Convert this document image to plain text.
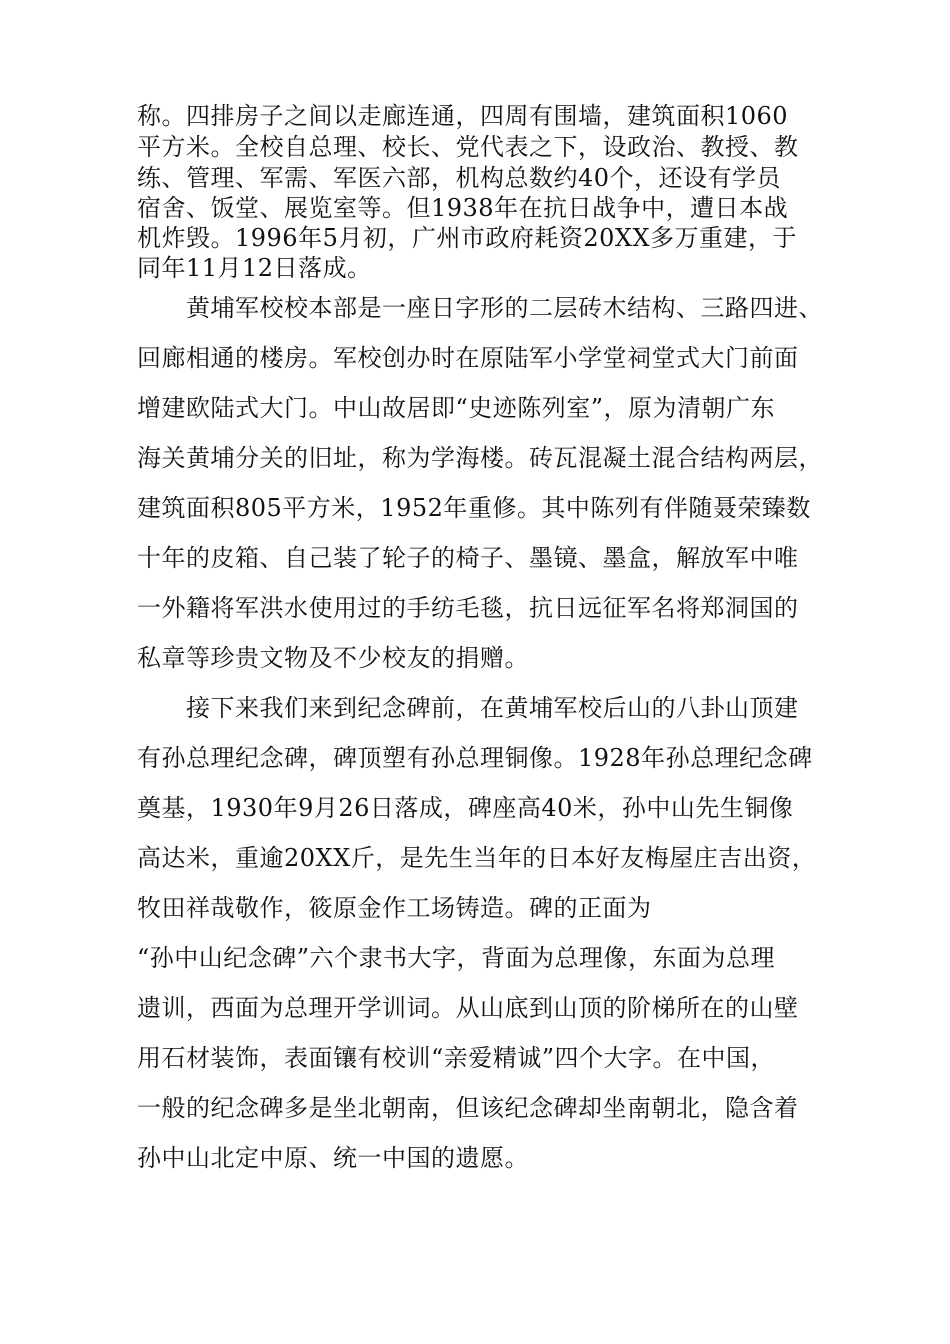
称。四排房子之间以走廊连通，四周有围墙，建筑面积1060

平方米。全校自总理、校长、党代表之下，设政治、教授、教

练、管理、军需、军医六部，机构总数约40个，还设有学员

宿舍、饭堂、展览室等。但1938年在抗日战争中，遭日本战

机炸毁。1996年5月初，广州市政府耗资20XX多万重建，于

同年11月12日落成。

黄埔军校校本部是一座日字形的二层砖木结构、三路四进、

回廊相通的楼房。军校创办时在原陆军小学堂祠堂式大门前面

增建欧陆式大门。中山故居即“史迹陈列室”，原为清朝广东

海关黄埔分关的旧址，称为学海楼。砖瓦混凝土混合结构两层，

建筑面积805平方米，1952年重修。其中陈列有伴随聂荣臻数

十年的皮箱、自己装了轮子的椅子、墨镜、墨盒，解放军中唯

一外籍将军洪水使用过的手纺毛毯，抗日远征军名将郑洞国的

私章等珍贵文物及不少校友的捐赠。

接下来我们来到纪念碑前，在黄埔军校后山的八卦山顶建

有孙总理纪念碑，碑顶塑有孙总理铜像。1928年孙总理纪念碑

奠基，1930年9月26日落成，碑座高40米，孙中山先生铜像

高达米，重逾20XX斤，是先生当年的日本好友梅屋庄吉出资，

牧田祥哉敬作，筱原金作工场铸造。碑的正面为

“孙中山纪念碑”六个隶书大字，背面为总理像，东面为总理

遗训，西面为总理开学训词。从山底到山顶的阶梯所在的山壁

用石材装饰，表面镶有校训“亲爱精诚”四个大字。在中国，

一般的纪念碑多是坐北朝南，但该纪念碑却坐南朝北，隐含着

孙中山北定中原、统一中国的遗愿。
